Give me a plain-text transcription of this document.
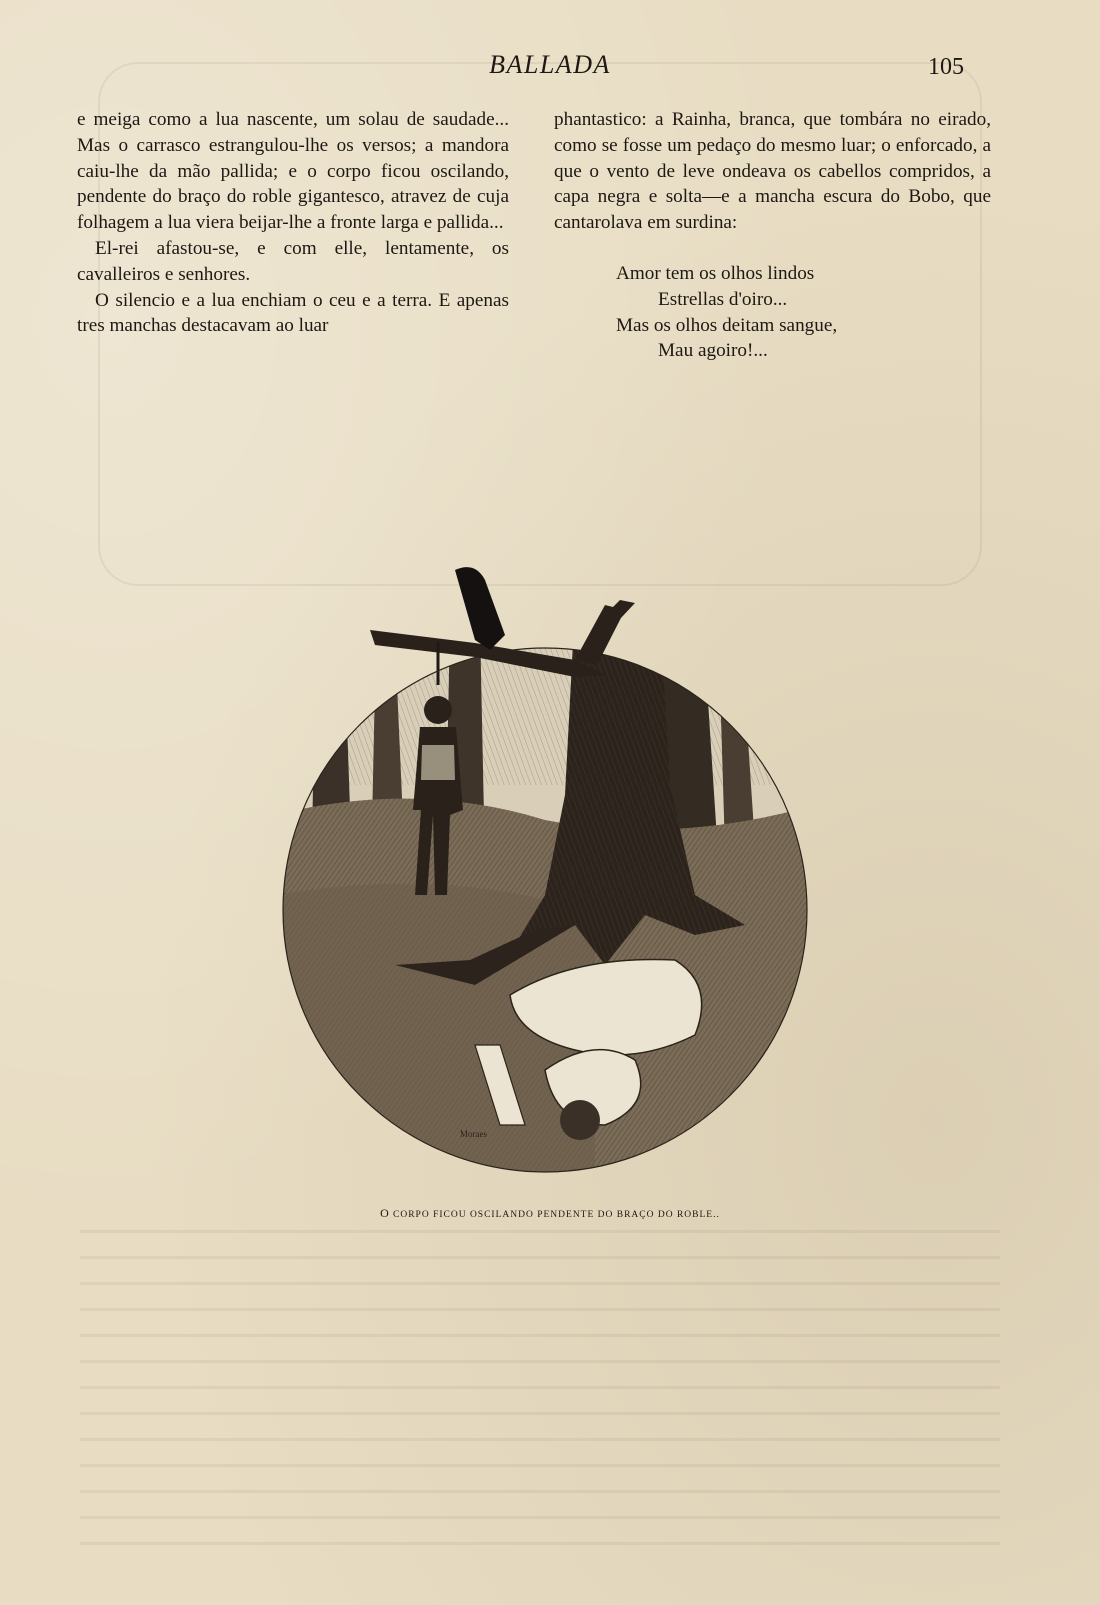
BALLADA	105

e meiga como a lua nascente, um solau de saudade... Mas o carrasco estrangulou-lhe os versos; a mandora caiu-lhe da mão pallida; e o corpo ficou oscilando, pendente do braço do roble gigantesco, atravez de cuja folhagem a lua viera beijar-lhe a fronte larga e pallida...

El-rei afastou-se, e com elle, lentamente, os cavalleiros e senhores.

O silencio e a lua enchiam o ceu e a terra. E apenas tres manchas destacavam ao luar

phantastico: a Rainha, branca, que tombára no eirado, como se fosse um pedaço do mesmo luar; o enforcado, a que o vento de leve ondeava os cabellos compridos, a capa negra e solta—e a mancha escura do Bobo, que cantarolava em surdina:

Amor tem os olhos lindos
Estrellas d'oiro...
Mas os olhos deitam sangue,
Mau agoiro!...
Moraes
O CORPO FICOU OSCILANDO PENDENTE DO BRAÇO DO ROBLE..
